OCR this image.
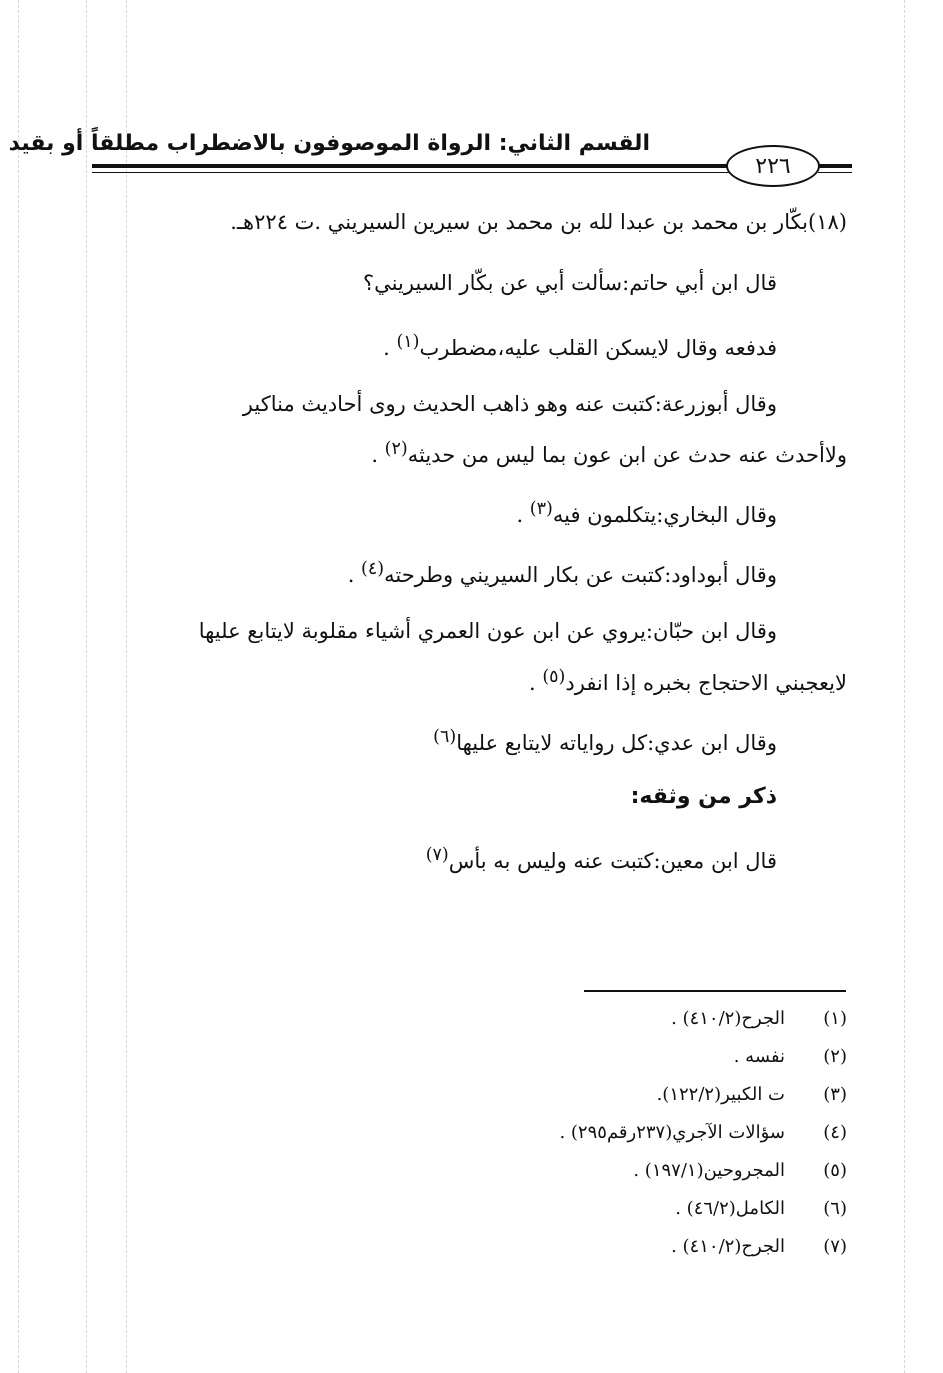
القسم الثاني: الرواة الموصوفون بالاضطراب مطلقاً أو بقيد
٢٢٦
(١٨)بكّار بن محمد بن عبدا لله بن محمد بن سيرين السيريني .ت ٢٢٤هـ.
قال ابن أبي حاتم:سألت أبي عن بكّار السيريني؟
فدفعه وقال لايسكن القلب عليه،مضطرب$^{(١)}$ .
وقال أبوزرعة:كتبت عنه وهو ذاهب الحديث روى أحاديث مناكير
ولاأحدث عنه حدث عن ابن عون بما ليس من حديثه$^{(٢)}$ .
وقال البخاري:يتكلمون فيه$^{(٣)}$ .
وقال أبوداود:كتبت عن بكار السيريني وطرحته$^{(٤)}$ .
وقال ابن حبّان:يروي عن ابن عون العمري أشياء مقلوبة لايتابع عليها
لايعجبني الاحتجاج بخبره إذا انفرد$^{(٥)}$ .
وقال ابن عدي:كل رواياته لايتابع عليها$^{(٦)}$
ذكر من وثقه:
قال ابن معين:كتبت عنه وليس به بأس$^{(٧)}$
(١)
الجرح(٤١٠/٢) .
(٢)
نفسه .
(٣)
ت الكبير(١٢٢/٢).
(٤)
سؤالات الآجري(٢٣٧رقم٢٩٥) .
(٥)
المجروحين(١٩٧/١) .
(٦)
الكامل(٤٦/٢) .
(٧)
الجرح(٤١٠/٢) .
